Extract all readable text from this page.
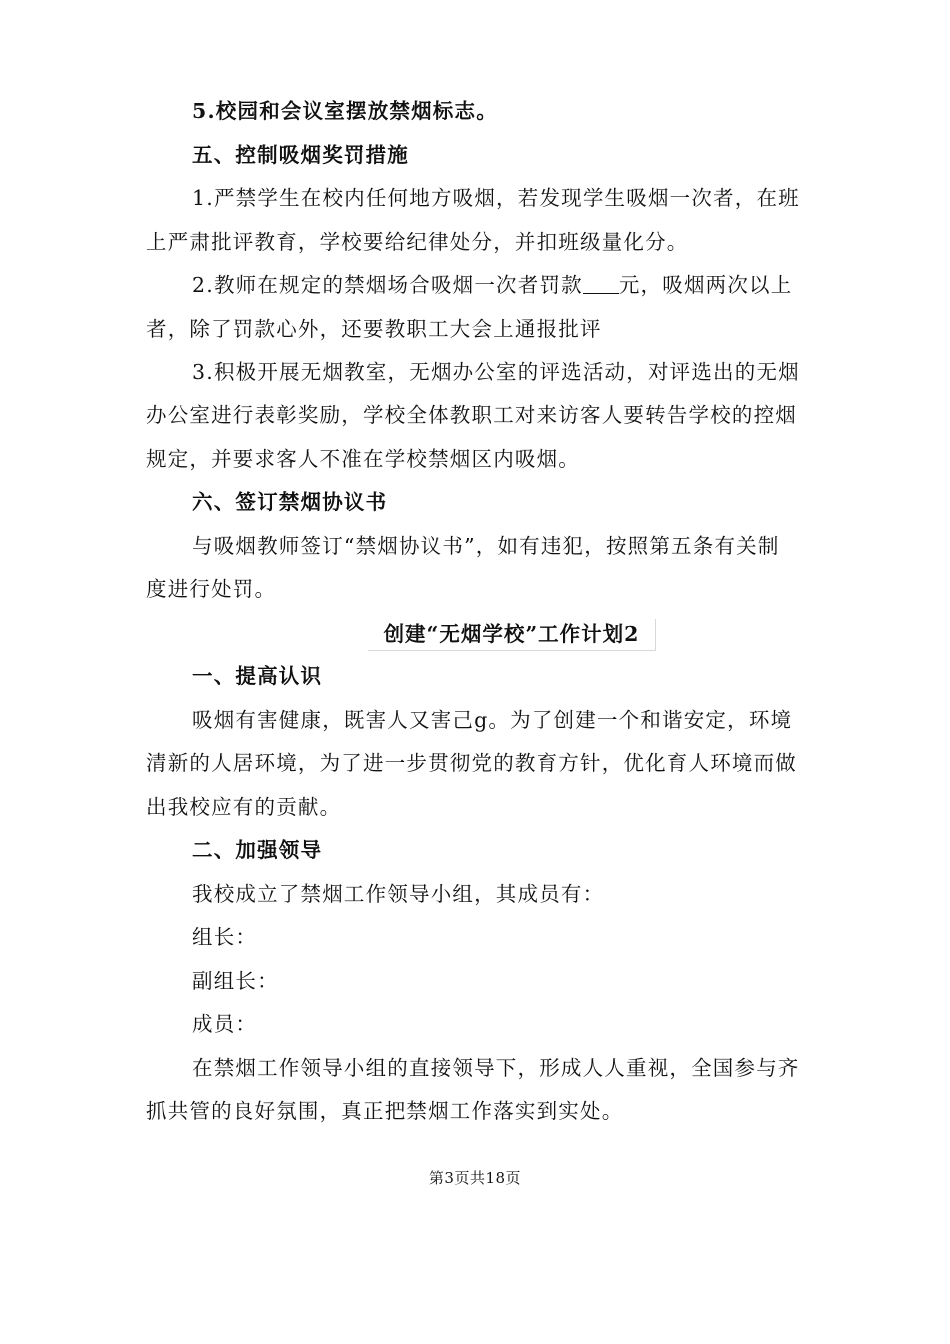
5.校园和会议室摆放禁烟标志。
五、控制吸烟奖罚措施
1.严禁学生在校内任何地方吸烟，若发现学生吸烟一次者，在班
上严肃批评教育，学校要给纪律处分，并扣班级量化分。
2.教师在规定的禁烟场合吸烟一次者罚款 元，吸烟两次以上
者，除了罚款心外，还要教职工大会上通报批评
3.积极开展无烟教室，无烟办公室的评选活动，对评选出的无烟
办公室进行表彰奖励，学校全体教职工对来访客人要转告学校的控烟
规定，并要求客人不准在学校禁烟区内吸烟。
六、签订禁烟协议书
与吸烟教师签订“禁烟协议书”，如有违犯，按照第五条有关制
度进行处罚。
创建“无烟学校”工作计划2
一、提高认识
吸烟有害健康，既害人又害己g。为了创建一个和谐安定，环境
清新的人居环境，为了进一步贯彻党的教育方针，优化育人环境而做
出我校应有的贡献。
二、加强领导
我校成立了禁烟工作领导小组，其成员有：
组长：
副组长：
成员：
在禁烟工作领导小组的直接领导下，形成人人重视，全国参与齐
抓共管的良好氛围，真正把禁烟工作落实到实处。
第3页共18页
